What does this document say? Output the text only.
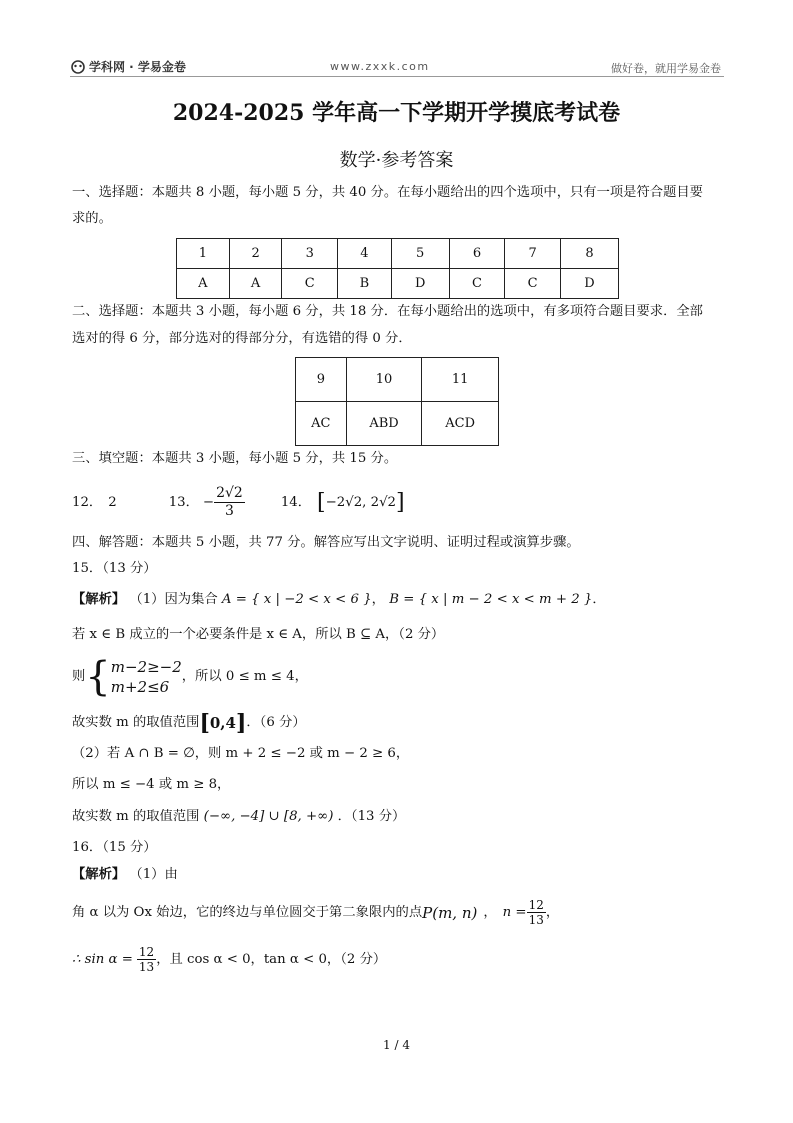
学科网 · 学易金卷	www.zxxk.com	做好卷，就用学易金卷
2024-2025 学年高一下学期开学摸底考试卷
数学·参考答案
一、选择题：本题共 8 小题，每小题 5 分，共 40 分。在每小题给出的四个选项中，只有一项是符合题目要
求的。
1	2	3	4	5	6	7	8
A	A	C	B	D	C	C	D
二、选择题：本题共 3 小题，每小题 6 分，共 18 分．在每小题给出的选项中，有多项符合题目要求．全部
选对的得 6 分，部分选对的得部分分，有选错的得 0 分．
9	10	11
AC	ABD	ACD
三、填空题：本题共 3 小题，每小题 5 分，共 15 分。
12． 2	13． − $\frac{2√2}{3}$	14． [ −2√2, 2√2 ]
四、解答题：本题共 5 小题，共 77 分。解答应写出文字说明、证明过程或演算步骤。
15．（13 分）
【解析】 （1）因为集合 A = { x | −2 < x < 6 }， B = { x | m − 2 < x < m + 2 }．
若 x ∈ B 成立的一个必要条件是 x ∈ A，所以 B ⊆ A，（2 分）
则 { m−2≥−2
m+2≤6
，所以 0 ≤ m ≤ 4，
故实数 m 的取值范围 [ 0,4 ] ．（6 分）
（2）若 A ∩ B = ∅，则 m + 2 ≤ −2 或 m − 2 ≥ 6，
所以 m ≤ −4 或 m ≥ 8，
故实数 m 的取值范围 (−∞, −4] ∪ [8, +∞) ．（13 分）
16．（15 分）
【解析】 （1）由
角 α 以为 Ox 始边，它的终边与单位圆交于第二象限内的点 P(m, n) ， $n = \frac{12}{13}$ ，
∴ $\sin \alpha = \frac{12}{13}$ ，且 cos α < 0，tan α < 0，（2 分）
1 / 4
